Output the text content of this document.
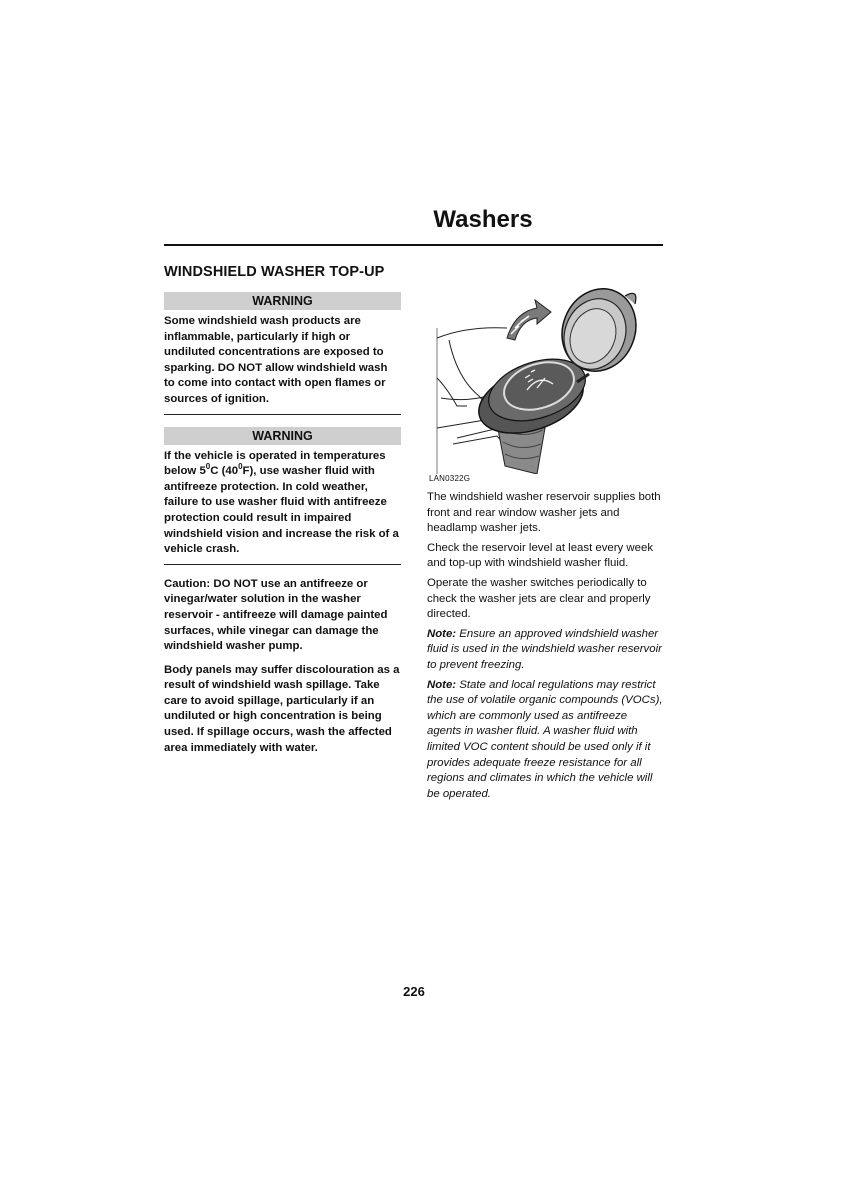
Washers
WINDSHIELD WASHER TOP-UP
WARNING
Some windshield wash products are inflammable, particularly if high or undiluted concentrations are exposed to sparking. DO NOT allow windshield wash to come into contact with open flames or sources of ignition.
WARNING
If the vehicle is operated in temperatures below $5^0C$ $(40^0F)$, use washer fluid with antifreeze protection. In cold weather, failure to use washer fluid with antifreeze protection could result in impaired windshield vision and increase the risk of a vehicle crash.

Caution: DO NOT use an antifreeze or vinegar/water solution in the washer reservoir - antifreeze will damage painted surfaces, while vinegar can damage the windshield washer pump.

Body panels may suffer discolouration as a result of windshield wash spillage. Take care to avoid spillage, particularly if an undiluted or high concentration is being used. If spillage occurs, wash the affected area immediately with water.

LAN0322G

The windshield washer reservoir supplies both front and rear window washer jets and headlamp washer jets.

Check the reservoir level at least every week and top-up with windshield washer fluid.

Operate the washer switches periodically to check the washer jets are clear and properly directed.

Note: Ensure an approved windshield washer fluid is used in the windshield washer reservoir to prevent freezing.

Note: State and local regulations may restrict the use of volatile organic compounds (VOCs), which are commonly used as antifreeze agents in washer fluid. A washer fluid with limited VOC content should be used only if it provides adequate freeze resistance for all regions and climates in which the vehicle will be operated.

226
